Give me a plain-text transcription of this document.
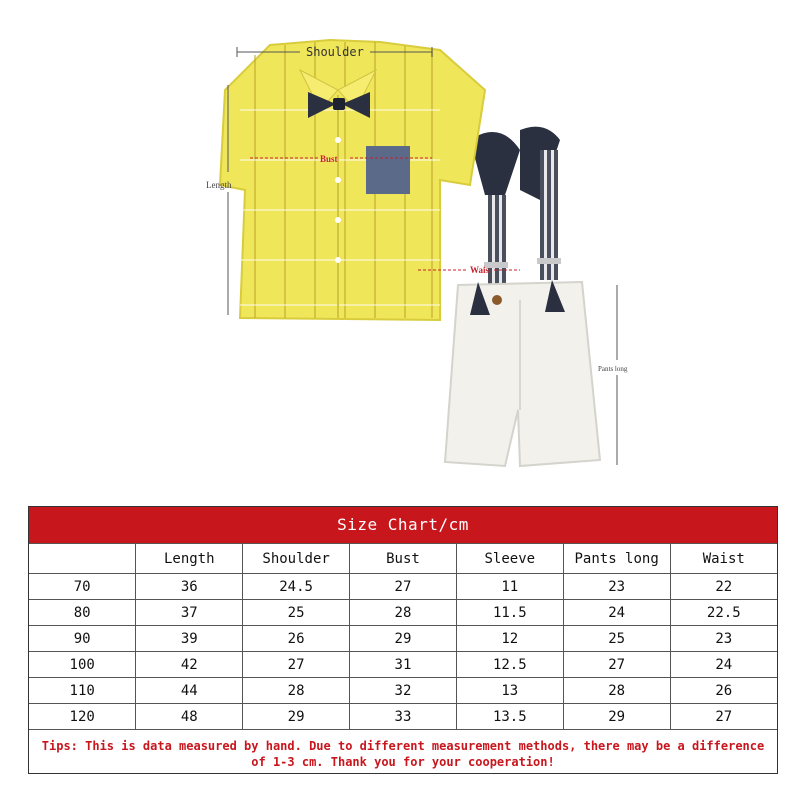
Shoulder
Bust
Length
Wais
Pants long
Size Chart/cm
	Length	Shoulder	Bust	Sleeve	Pants long	Waist
70	36	24.5	27	11	23	22
80	37	25	28	11.5	24	22.5
90	39	26	29	12	25	23
100	42	27	31	12.5	27	24
110	44	28	32	13	28	26
120	48	29	33	13.5	29	27
Tips: This is data measured by hand. Due to different measurement methods, there may be a difference of 1-3 cm. Thank you for your cooperation!
